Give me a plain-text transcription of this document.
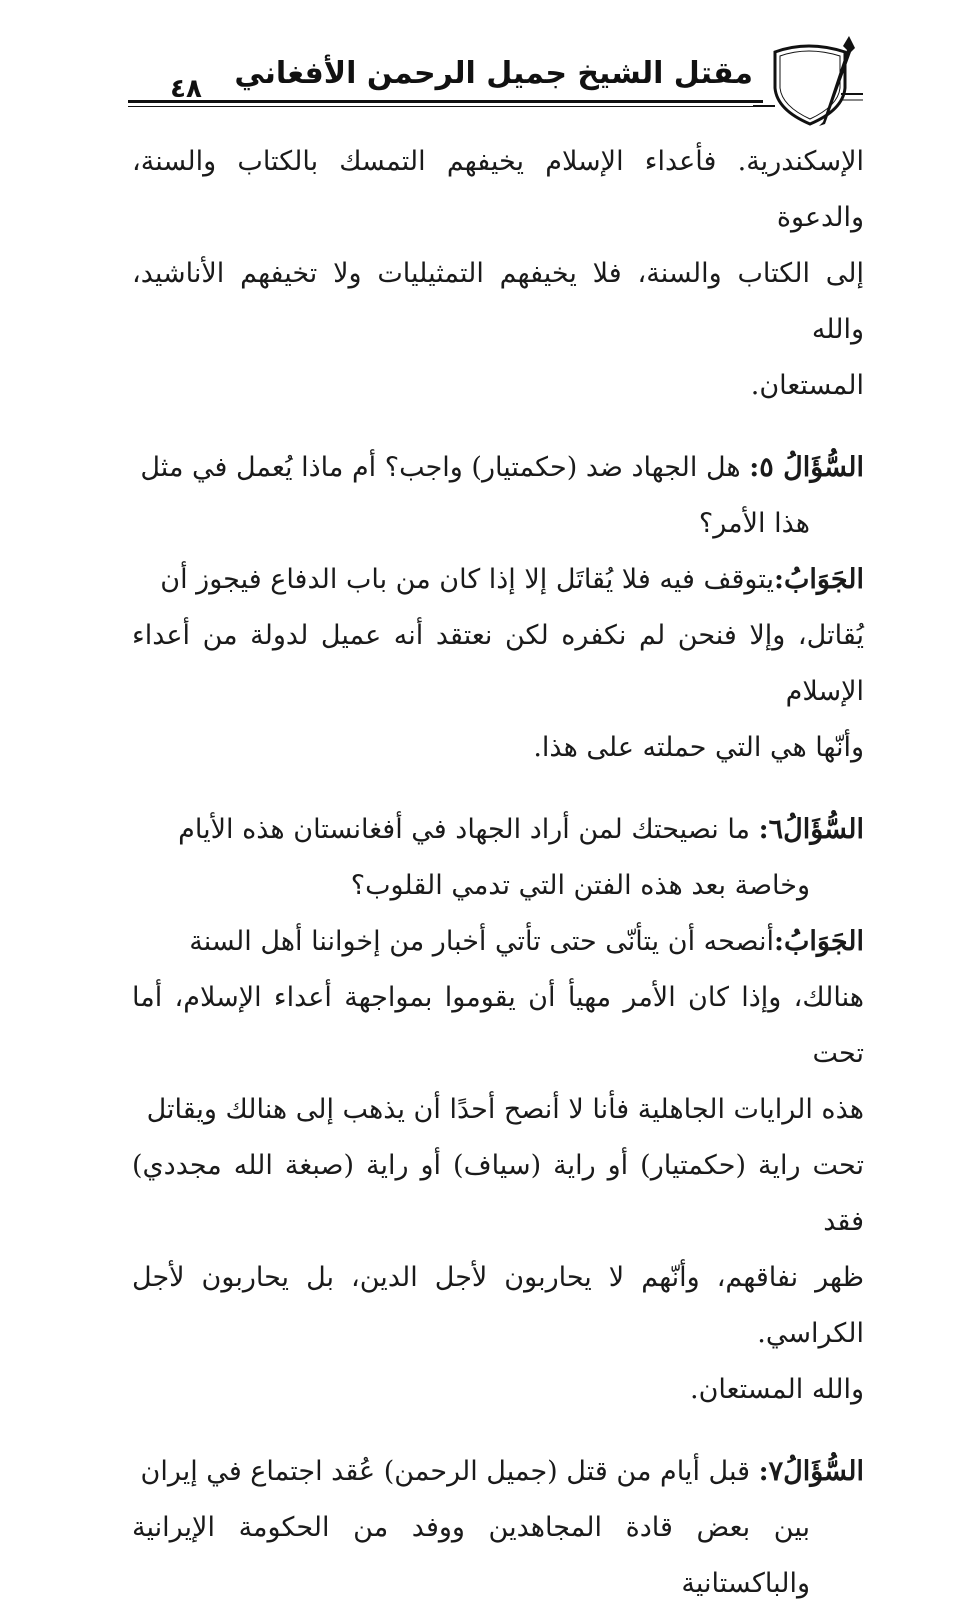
مقتل الشيخ جميل الرحمن الأفغاني
٤٨

الإسكندرية. فأعداء الإسلام يخيفهم التمسك بالكتاب والسنة، والدعوة

إلى الكتاب والسنة، فلا يخيفهم التمثيليات ولا تخيفهم الأناشيد، والله

المستعان.

السُّؤَالُ ٥: هل الجهاد ضد (حكمتيار) واجب؟ أم ماذا يُعمل في مثل

هذا الأمر؟

الجَوَابُ:يتوقف فيه فلا يُقاتَل إلا إذا كان من باب الدفاع فيجوز أن

يُقاتل، وإلا فنحن لم نكفره لكن نعتقد أنه عميل لدولة من أعداء الإسلام

وأنّها هي التي حملته على هذا.

السُّؤَالُ٦: ما نصيحتك لمن أراد الجهاد في أفغانستان هذه الأيام

وخاصة بعد هذه الفتن التي تدمي القلوب؟

الجَوَابُ:أنصحه أن يتأنّى حتى تأتي أخبار من إخواننا أهل السنة

هنالك، وإذا كان الأمر مهيأ أن يقوموا بمواجهة أعداء الإسلام، أما تحت

هذه الرايات الجاهلية فأنا لا أنصح أحدًا أن يذهب إلى هنالك ويقاتل

تحت راية (حكمتيار) أو راية (سياف) أو راية (صبغة الله مجددي) فقد

ظهر نفاقهم، وأنّهم لا يحاربون لأجل الدين، بل يحاربون لأجل الكراسي.

والله المستعان.

السُّؤَالُ٧: قبل أيام من قتل (جميل الرحمن) عُقد اجتماع في إيران

بين بعض قادة المجاهدين ووفد من الحكومة الإيرانية والباكستانية
